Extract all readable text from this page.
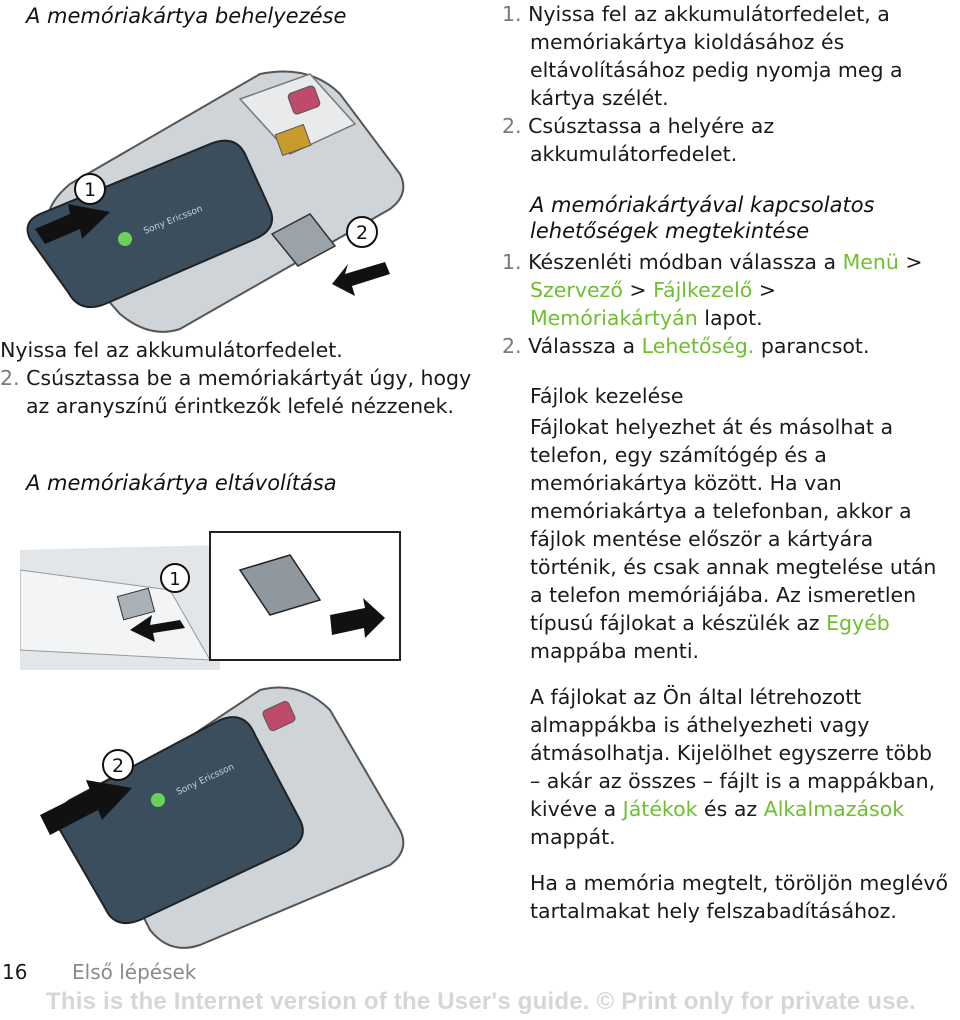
A memóriakártya behelyezése
Sony Ericsson
1
2
Nyissa fel az akkumulátorfedelet.
2. Csúsztassa be a memóriakártyát úgy, hogy az aranyszínű érintkezők lefelé nézzenek.
A memóriakártya eltávolítása
1
Sony Ericsson
2
1. Nyissa fel az akkumulátorfedelet, a memóriakártya kioldásához és eltávolításához pedig nyomja meg a kártya szélét.
2. Csúsztassa a helyére az akkumulátorfedelet.
A memóriakártyával kapcsolatos lehetőségek megtekintése
1. Készenléti módban válassza a Menü > Szervező > Fájlkezelő > Memóriakártyán lapot.
2. Válassza a Lehetőség. parancsot.
Fájlok kezelése

Fájlokat helyezhet át és másolhat a telefon, egy számítógép és a memóriakártya között. Ha van memóriakártya a telefonban, akkor a fájlok mentése először a kártyára történik, és csak annak megtelése után a telefon memóriájába. Az ismeretlen típusú fájlokat a készülék az Egyéb mappába menti.

A fájlokat az Ön által létrehozott almappákba is áthelyezheti vagy átmásolhatja. Kijelölhet egyszerre több – akár az összes – fájlt is a mappákban, kivéve a Játékok és az Alkalmazások mappát.

Ha a memória megtelt, töröljön meglévő tartalmakat hely felszabadításához.

16 Első lépések
This is the Internet version of the User's guide. © Print only for private use.
